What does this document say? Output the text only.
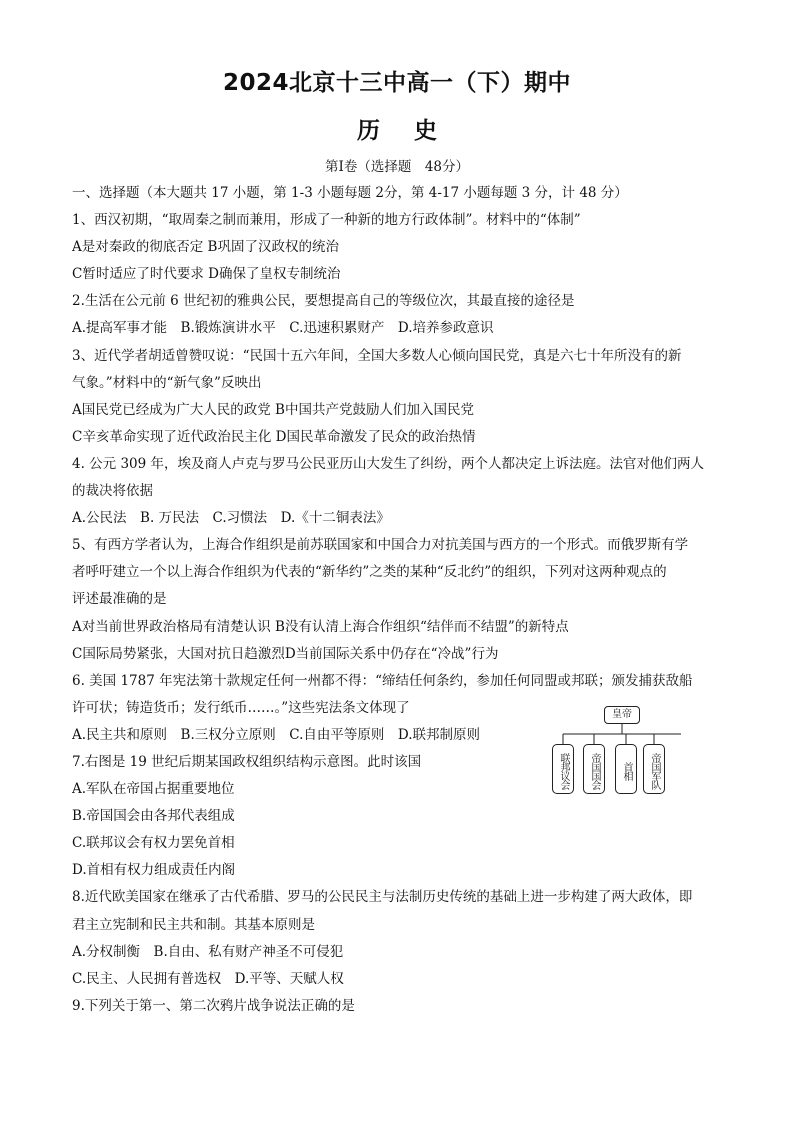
2024北京十三中高一（下）期中
历史
第Ⅰ卷（选择题　48分）
一、选择题（本大题共 17 小题，第 1-3 小题每题 2分，第 4-17 小题每题 3 分，计 48 分）
1、西汉初期，“取周秦之制而兼用，形成了一种新的地方行政体制”。材料中的“体制”
A是对秦政的彻底否定 B巩固了汉政权的统治
C暂时适应了时代要求 D确保了皇权专制统治
2.生活在公元前 6 世纪初的雅典公民，要想提高自己的等级位次，其最直接的途径是
A.提高军事才能　B.锻炼演讲水平　C.迅速积累财产　D.培养参政意识
3、近代学者胡适曾赞叹说：“民国十五六年间，全国大多数人心倾向国民党，真是六七十年所没有的新
气象。”材料中的“新气象”反映出
A国民党已经成为广大人民的政党 B中国共产党鼓励人们加入国民党
C辛亥革命实现了近代政治民主化 D国民革命激发了民众的政治热情
4. 公元 309 年，埃及商人卢克与罗马公民亚历山大发生了纠纷，两个人都决定上诉法庭。法官对他们两人
的裁决将依据
A.公民法　B. 万民法　C.习惯法　D.《十二铜表法》
5、有西方学者认为，上海合作组织是前苏联国家和中国合力对抗美国与西方的一个形式。而俄罗斯有学
者呼吁建立一个以上海合作组织为代表的“新华约”之类的某种“反北约”的组织，下列对这两种观点的
评述最准确的是
A对当前世界政治格局有清楚认识 B没有认清上海合作组织“结伴而不结盟”的新特点
C国际局势紧张，大国对抗日趋激烈D当前国际关系中仍存在“冷战”行为
6. 美国 1787 年宪法第十款规定任何一州都不得：“缔结任何条约，参加任何同盟或邦联；颁发捕获敌船
许可状；铸造货币；发行纸币……。”这些宪法条文体现了
A.民主共和原则　B.三权分立原则　C.自由平等原则　D.联邦制原则
7.右图是 19 世纪后期某国政权组织结构示意图。此时该国
A.军队在帝国占据重要地位
B.帝国国会由各邦代表组成
C.联邦议会有权力罢免首相
D.首相有权力组成责任内阁
8.近代欧美国家在继承了古代希腊、罗马的公民民主与法制历史传统的基础上进一步构建了两大政体，即
君主立宪制和民主共和制。其基本原则是
A.分权制衡　B.自由、私有财产神圣不可侵犯
C.民主、人民拥有普选权　D.平等、天赋人权
9.下列关于第一、第二次鸦片战争说法正确的是
皇帝
联邦议会	帝国国会	首相	帝国军队
